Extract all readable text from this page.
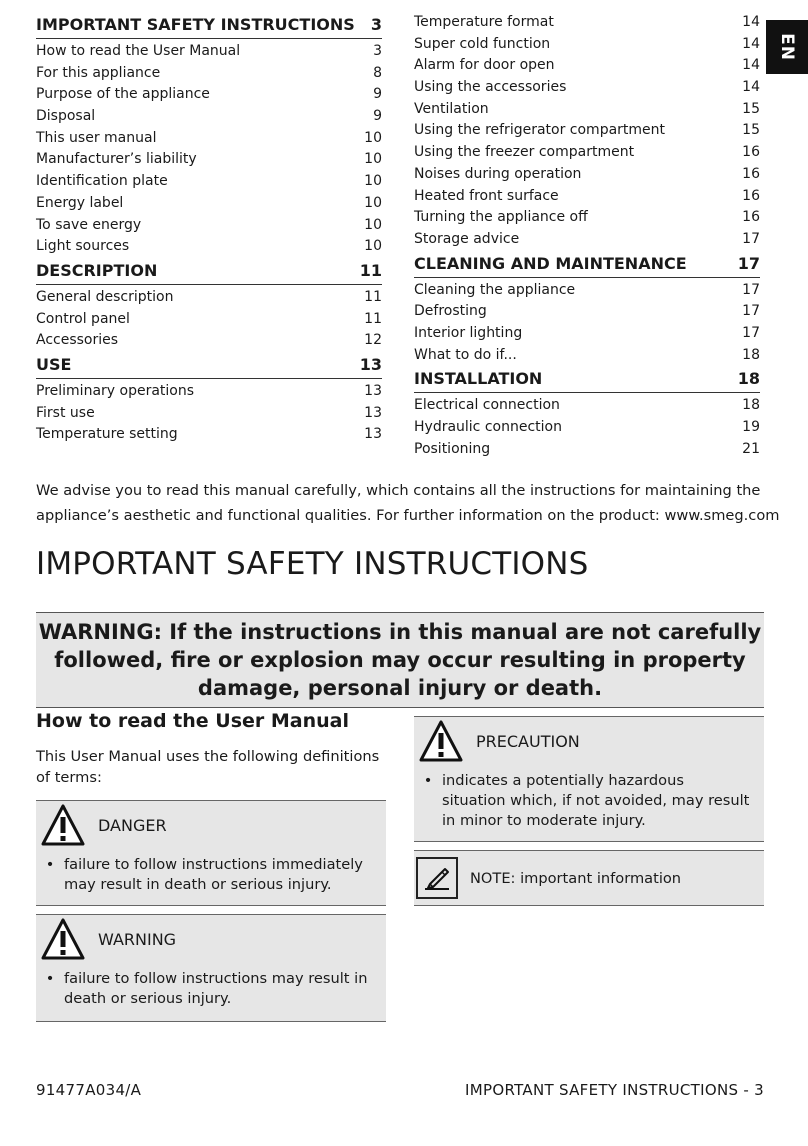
IMPORTANT SAFETY INSTRUCTIONS 3
How to read the User Manual	3
For this appliance	8
Purpose of the appliance	9
Disposal	9
This user manual	10
Manufacturer’s liability	10
Identification plate	10
Energy label	10
To save energy	10
Light sources	10
DESCRIPTION	11
General description	11
Control panel	11
Accessories	12
USE	13
Preliminary operations	13
First use	13
Temperature setting	13
Temperature format	14
Super cold function	14
Alarm for door open	14
Using the accessories	14
Ventilation	15
Using the refrigerator compartment	15
Using the freezer compartment	16
Noises during operation	16
Heated front surface	16
Turning the appliance off	16
Storage advice	17
CLEANING AND MAINTENANCE	17
Cleaning the appliance	17
Defrosting	17
Interior lighting	17
What to do if...	18
INSTALLATION	18
Electrical connection	18
Hydraulic connection	19
Positioning	21
EN
We advise you to read this manual carefully, which contains all the instructions for maintaining the
appliance’s aesthetic and functional qualities. For further information on the product: www.smeg.com
IMPORTANT SAFETY INSTRUCTIONS
WARNING: If the instructions in this manual are not carefully
followed, fire or explosion may occur resulting in property
damage, personal injury or death.
How to read the User Manual

This User Manual uses the following definitions of terms:

DANGER
• failure to follow instructions immediately may result in death or serious injury.
WARNING
• failure to follow instructions may result in death or serious injury.
PRECAUTION
• indicates a potentially hazardous situation which, if not avoided, may result in minor to moderate injury.
NOTE: important information
91477A034/A	IMPORTANT SAFETY INSTRUCTIONS - 3
